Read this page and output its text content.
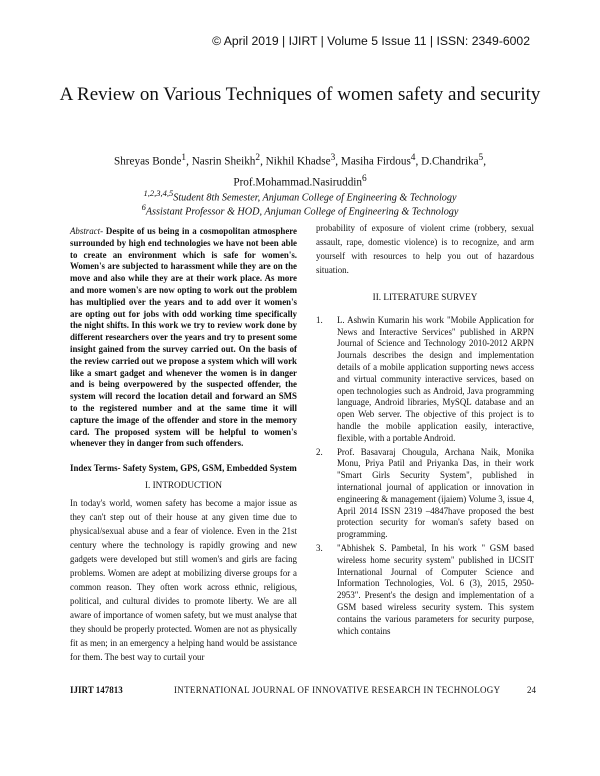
© April 2019 | IJIRT | Volume 5 Issue 11 | ISSN: 2349-6002
A Review on Various Techniques of women safety and security
Shreyas Bonde$^1$, Nasrin Sheikh$^2$, Nikhil Khadse$^3$, Masiha Firdous$^4$, D.Chandrika$^5$,
Prof.Mohammad.Nasiruddin$^6$
$^{1,2,3,4,5}$Student 8th Semester, Anjuman College of Engineering & Technology
$^6$Assistant Professor & HOD, Anjuman College of Engineering & Technology

Abstract- Despite of us being in a cosmopolitan atmosphere surrounded by high end technologies we have not been able to create an environment which is safe for women's. Women's are subjected to harassment while they are on the move and also while they are at their work place. As more and more women's are now opting to work out the problem has multiplied over the years and to add over it women's are opting out for jobs with odd working time specifically the night shifts. In this work we try to review work done by different researchers over the years and try to present some insight gained from the survey carried out. On the basis of the review carried out we propose a system which will work like a smart gadget and whenever the women is in danger and is being overpowered by the suspected offender, the system will record the location detail and forward an SMS to the registered number and at the same time it will capture the image of the offender and store in the memory card. The proposed system will be helpful to women's whenever they in danger from such offenders.

Index Terms- Safety System, GPS, GSM, Embedded System

I. INTRODUCTION

In today's world, women safety has become a major issue as they can't step out of their house at any given time due to physical/sexual abuse and a fear of violence. Even in the 21st century where the technology is rapidly growing and new gadgets were developed but still women's and girls are facing problems. Women are adept at mobilizing diverse groups for a common reason. They often work across ethnic, religious, political, and cultural divides to promote liberty. We are all aware of importance of women safety, but we must analyse that they should be properly protected. Women are not as physically fit as men; in an emergency a helping hand would be assistance for them. The best way to curtail your

probability of exposure of violent crime (robbery, sexual assault, rape, domestic violence) is to recognize, and arm yourself with resources to help you out of hazardous situation.

II. LITERATURE SURVEY
1. L. Ashwin Kumarin his work "Mobile Application for News and Interactive Services" published in ARPN Journal of Science and Technology 2010-2012 ARPN Journals describes the design and implementation details of a mobile application supporting news access and virtual community interactive services, based on open technologies such as Android, Java programming language, Android libraries, MySQL database and an open Web server. The objective of this project is to handle the mobile application easily, interactive, flexible, with a portable Android.
2. Prof. Basavaraj Chougula, Archana Naik, Monika Monu, Priya Patil and Priyanka Das, in their work "Smart Girls Security System", published in international journal of application or innovation in engineering & management (ijaiem) Volume 3, issue 4, April 2014 ISSN 2319 –4847have proposed the best protection security for woman's safety based on programming.
3. "Abhishek S. Pambetal, In his work " GSM based wireless home security system" published in IJCSIT International Journal of Computer Science and Information Technologies, Vol. 6 (3), 2015, 2950-2953". Present's the design and implementation of a GSM based wireless security system. This system contains the various parameters for security purpose, which contains
IJIRT 147813	INTERNATIONAL JOURNAL OF INNOVATIVE RESEARCH IN TECHNOLOGY	24
